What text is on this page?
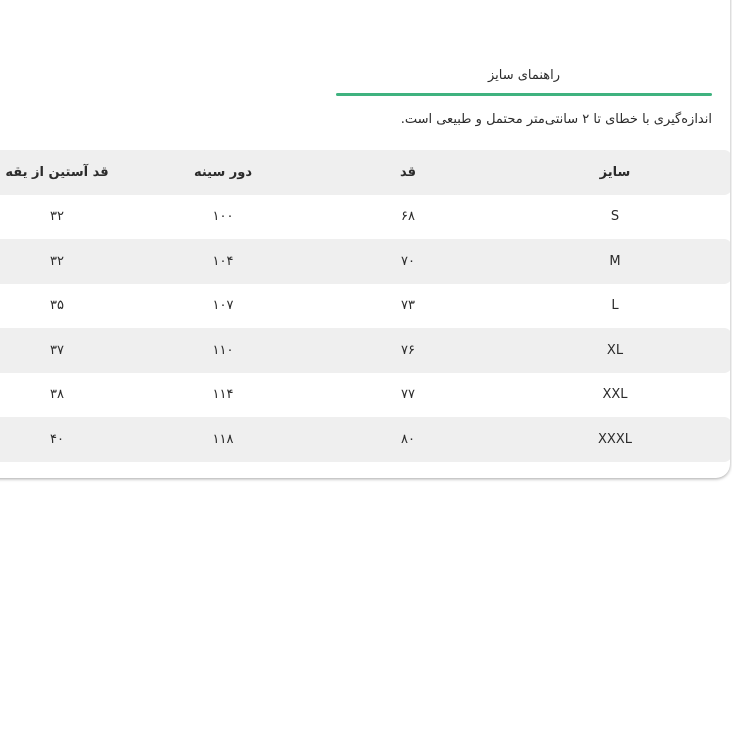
راهنمای سایز
اندازه‌گیری با خطای تا ۲ سانتی‌متر محتمل و طبیعی است.
سایز
قد
دور سینه
قد آستین از یقه
S
۶۸
۱۰۰
۳۲
M
۷۰
۱۰۴
۳۲
L
۷۳
۱۰۷
۳۵
XL
۷۶
۱۱۰
۳۷
XXL
۷۷
۱۱۴
۳۸
XXXL
۸۰
۱۱۸
۴۰
